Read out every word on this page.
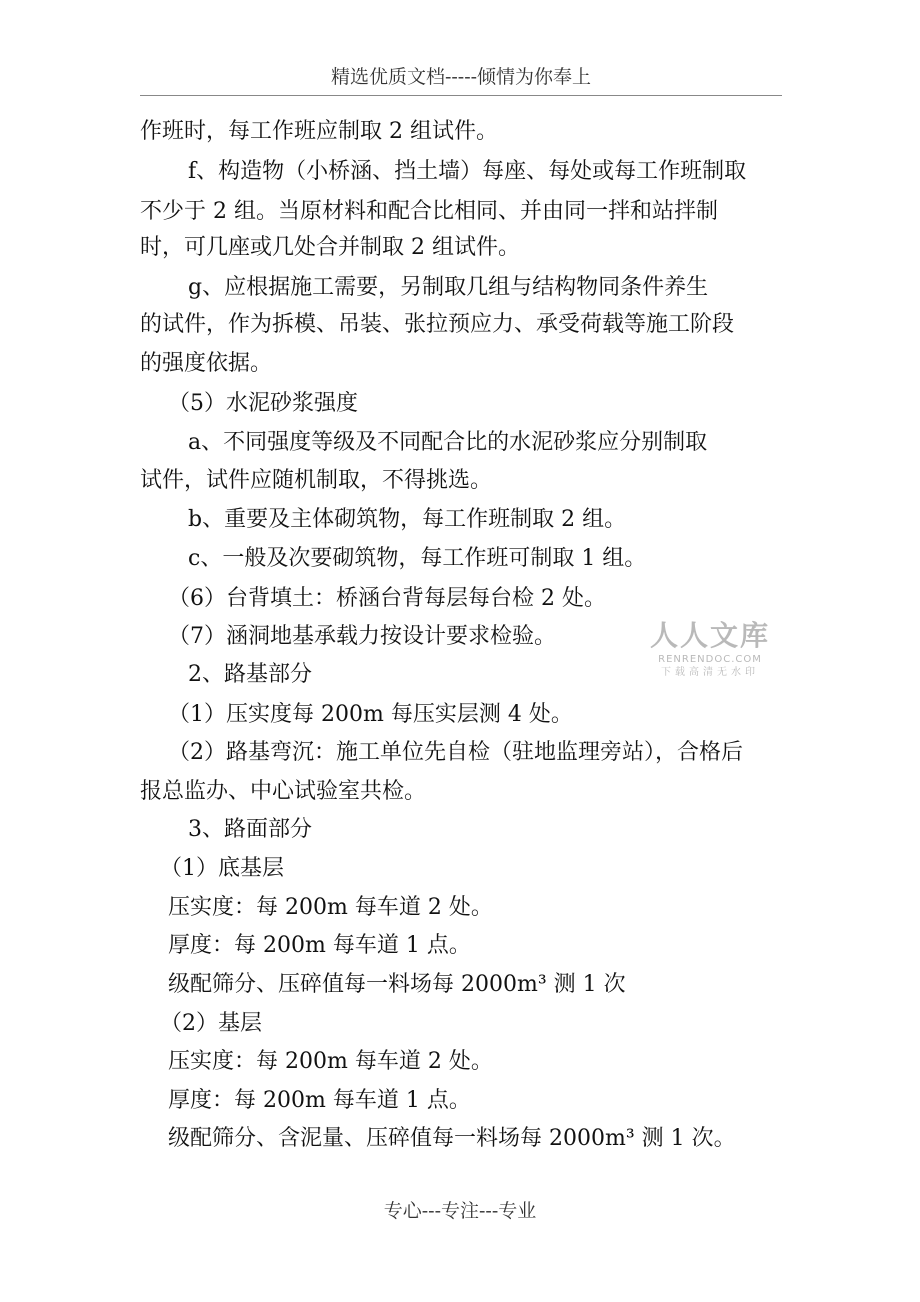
精选优质文档-----倾情为你奉上
作班时，每工作班应制取 2 组试件。
f、构造物（小桥涵、挡土墙）每座、每处或每工作班制取
不少于 2 组。当原材料和配合比相同、并由同一拌和站拌制
时，可几座或几处合并制取 2 组试件。
g、应根据施工需要，另制取几组与结构物同条件养生
的试件，作为拆模、吊装、张拉预应力、承受荷载等施工阶段
的强度依据。
（5）水泥砂浆强度
a、不同强度等级及不同配合比的水泥砂浆应分别制取
试件，试件应随机制取，不得挑选。
b、重要及主体砌筑物，每工作班制取 2 组。
c、一般及次要砌筑物，每工作班可制取 1 组。
（6）台背填土：桥涵台背每层每台检 2 处。
（7）涵洞地基承载力按设计要求检验。
2、路基部分
（1）压实度每 200m 每压实层测 4 处。
（2）路基弯沉：施工单位先自检（驻地监理旁站），合格后
报总监办、中心试验室共检。
3、路面部分
（1）底基层
压实度：每 200m 每车道 2 处。
厚度：每 200m 每车道 1 点。
级配筛分、压碎值每一料场每 2000m³ 测 1 次
（2）基层
压实度：每 200m 每车道 2 处。
厚度：每 200m 每车道 1 点。
级配筛分、含泥量、压碎值每一料场每 2000m³ 测 1 次。
人人文库
RENRENDOC.COM
下载高清无水印
专心---专注---专业
